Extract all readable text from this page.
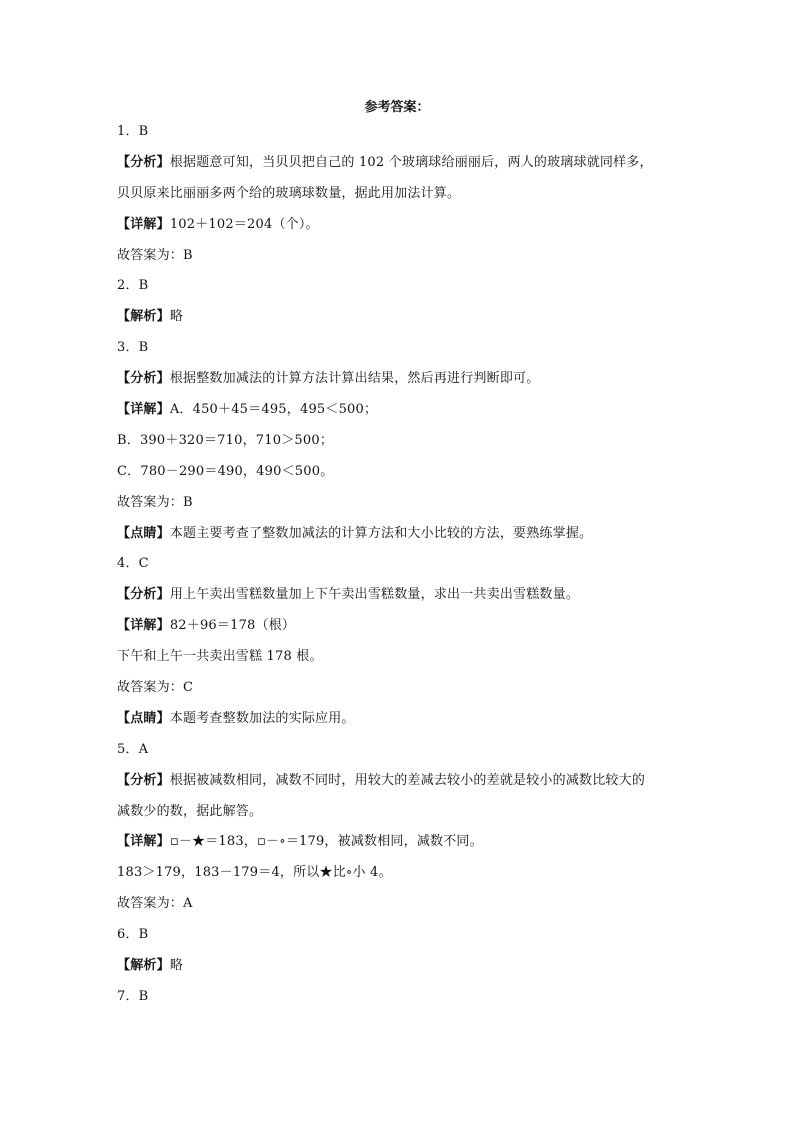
参考答案：
1．B
【分析】根据题意可知，当贝贝把自己的 102 个玻璃球给丽丽后，两人的玻璃球就同样多，
贝贝原来比丽丽多两个给的玻璃球数量，据此用加法计算。
【详解】102＋102＝204（个）。
故答案为：B
2．B
【解析】略
3．B
【分析】根据整数加减法的计算方法计算出结果，然后再进行判断即可。
【详解】A．450＋45＝495，495＜500；
B．390＋320＝710，710＞500；
C．780－290＝490，490＜500。
故答案为：B
【点睛】本题主要考查了整数加减法的计算方法和大小比较的方法，要熟练掌握。
4．C
【分析】用上午卖出雪糕数量加上下午卖出雪糕数量，求出一共卖出雪糕数量。
【详解】82＋96＝178（根）
下午和上午一共卖出雪糕 178 根。
故答案为：C
【点睛】本题考查整数加法的实际应用。
5．A
【分析】根据被减数相同，减数不同时，用较大的差减去较小的差就是较小的减数比较大的
减数少的数，据此解答。
【详解】▫－★＝183，▫－∘＝179，被减数相同，减数不同。
183＞179，183－179＝4，所以★比∘小 4。
故答案为：A
6．B
【解析】略
7．B
